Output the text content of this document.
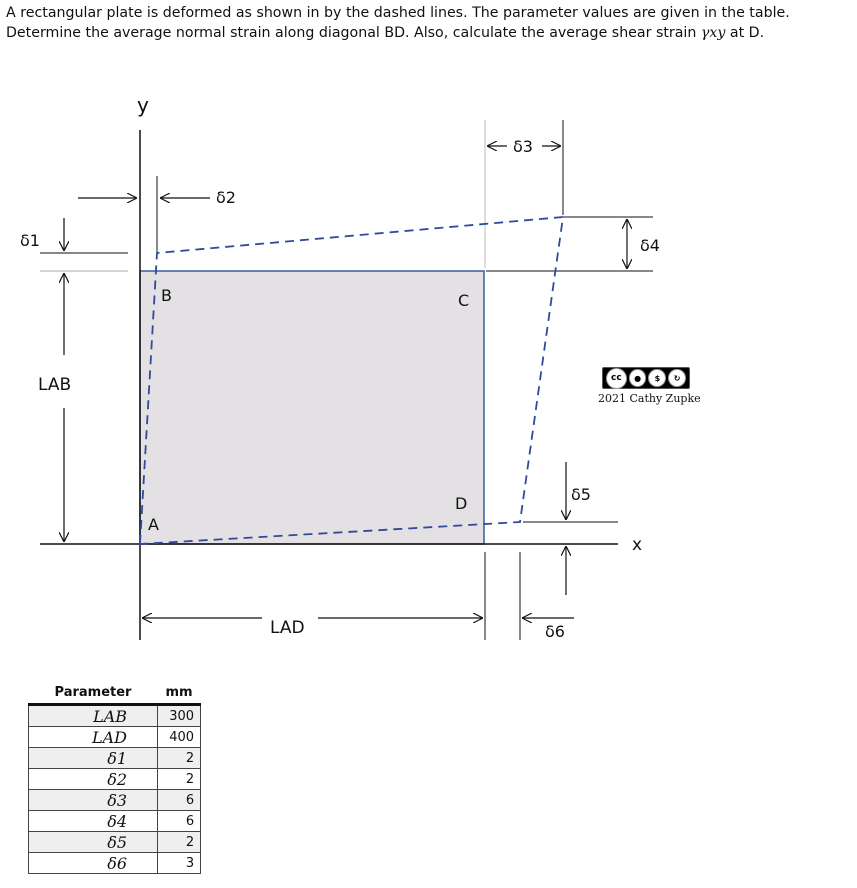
A rectangular plate is deformed as shown in by the dashed lines. The parameter values are given in the table. Determine the average normal strain along diagonal BD. Also, calculate the average shear strain γxy at D.

y
x
A
B	C
D
LAB
LAD
δ1
δ2
δ3
δ4
δ5
δ6
cc	●	$	↻
2021 Cathy Zupke
Parameter	mm
LAB	300
LAD	400
δ1	2
δ2	2
δ3	6
δ4	6
δ5	2
δ6	3
